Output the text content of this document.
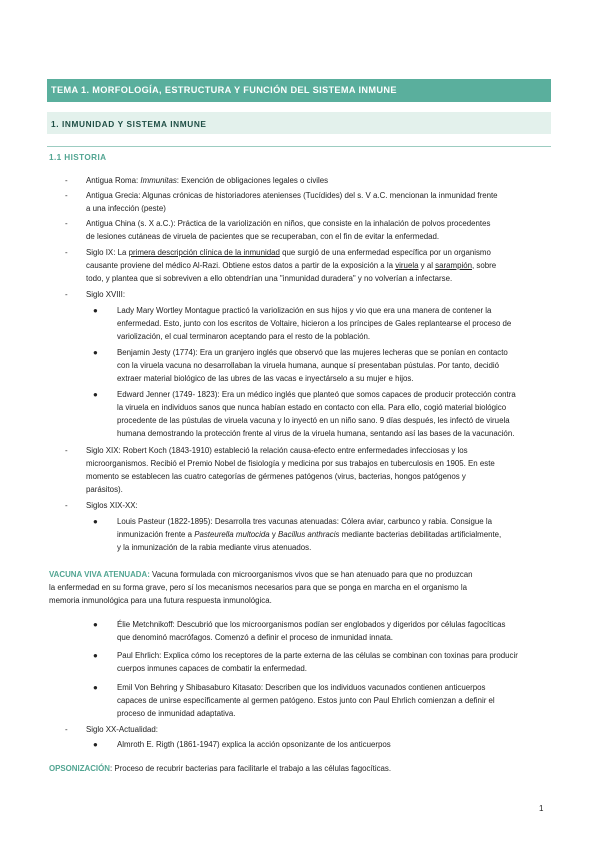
TEMA 1. MORFOLOGÍA, ESTRUCTURA Y FUNCIÓN DEL SISTEMA INMUNE
1. INMUNIDAD Y SISTEMA INMUNE
1.1 HISTORIA
- Antigua Roma: Immunitas: Exención de obligaciones legales o civiles
- Antigua Grecia: Algunas crónicas de historiadores atenienses (Tucídides) del s. V a.C. mencionan la inmunidad frente
a una infección (peste)
- Antigua China (s. X a.C.): Práctica de la variolización en niños, que consiste en la inhalación de polvos procedentes
de lesiones cutáneas de viruela de pacientes que se recuperaban, con el fin de evitar la enfermedad.
- Siglo IX: La primera descripción clínica de la inmunidad que surgió de una enfermedad específica por un organismo
causante proviene del médico Al-Razi. Obtiene estos datos a partir de la exposición a la viruela y al sarampión, sobre
todo, y plantea que si sobreviven a ello obtendrían una "inmunidad duradera" y no volverían a infectarse.
- Siglo XVIII:
● Lady Mary Wortley Montague practicó la variolización en sus hijos y vio que era una manera de contener la
enfermedad. Esto, junto con los escritos de Voltaire, hicieron a los príncipes de Gales replantearse el proceso de
variolización, el cual terminaron aceptando para el resto de la población.
● Benjamin Jesty (1774): Era un granjero inglés que observó que las mujeres lecheras que se ponían en contacto
con la viruela vacuna no desarrollaban la viruela humana, aunque sí presentaban pústulas. Por tanto, decidió
extraer material biológico de las ubres de las vacas e inyectárselo a su mujer e hijos.
● Edward Jenner (1749- 1823): Era un médico inglés que planteó que somos capaces de producir protección contra
la viruela en individuos sanos que nunca habían estado en contacto con ella. Para ello, cogió material biológico
procedente de las pústulas de viruela vacuna y lo inyectó en un niño sano. 9 días después, les infectó de viruela
humana demostrando la protección frente al virus de la viruela humana, sentando así las bases de la vacunación.
- Siglo XIX: Robert Koch (1843-1910) estableció la relación causa-efecto entre enfermedades infecciosas y los
microorganismos. Recibió el Premio Nobel de fisiología y medicina por sus trabajos en tuberculosis en 1905. En este
momento se establecen las cuatro categorías de gérmenes patógenos (virus, bacterias, hongos patógenos y
parásitos).
- Siglos XIX-XX:
● Louis Pasteur (1822-1895): Desarrolla tres vacunas atenuadas: Cólera aviar, carbunco y rabia. Consigue la
inmunización frente a Pasteurella multocida y Bacillus anthracis mediante bacterias debilitadas artificialmente,
y la inmunización de la rabia mediante virus atenuados.
VACUNA VIVA ATENUADA: Vacuna formulada con microorganismos vivos que se han atenuado para que no produzcan
la enfermedad en su forma grave, pero sí los mecanismos necesarios para que se ponga en marcha en el organismo la
memoria inmunológica para una futura respuesta inmunológica.
● Élie Metchnikoff: Descubrió que los microorganismos podían ser englobados y digeridos por células fagocíticas
que denominó macrófagos. Comenzó a definir el proceso de inmunidad innata.
● Paul Ehrlich: Explica cómo los receptores de la parte externa de las células se combinan con toxinas para producir
cuerpos inmunes capaces de combatir la enfermedad.
● Emil Von Behring y Shibasaburo Kitasato: Describen que los individuos vacunados contienen anticuerpos
capaces de unirse específicamente al germen patógeno. Estos junto con Paul Ehrlich comienzan a definir el
proceso de inmunidad adaptativa.
- Siglo XX-Actualidad:
● Almroth E. Rigth (1861-1947) explica la acción opsonizante de los anticuerpos
OPSONIZACIÓN: Proceso de recubrir bacterias para facilitarle el trabajo a las células fagocíticas.
1
